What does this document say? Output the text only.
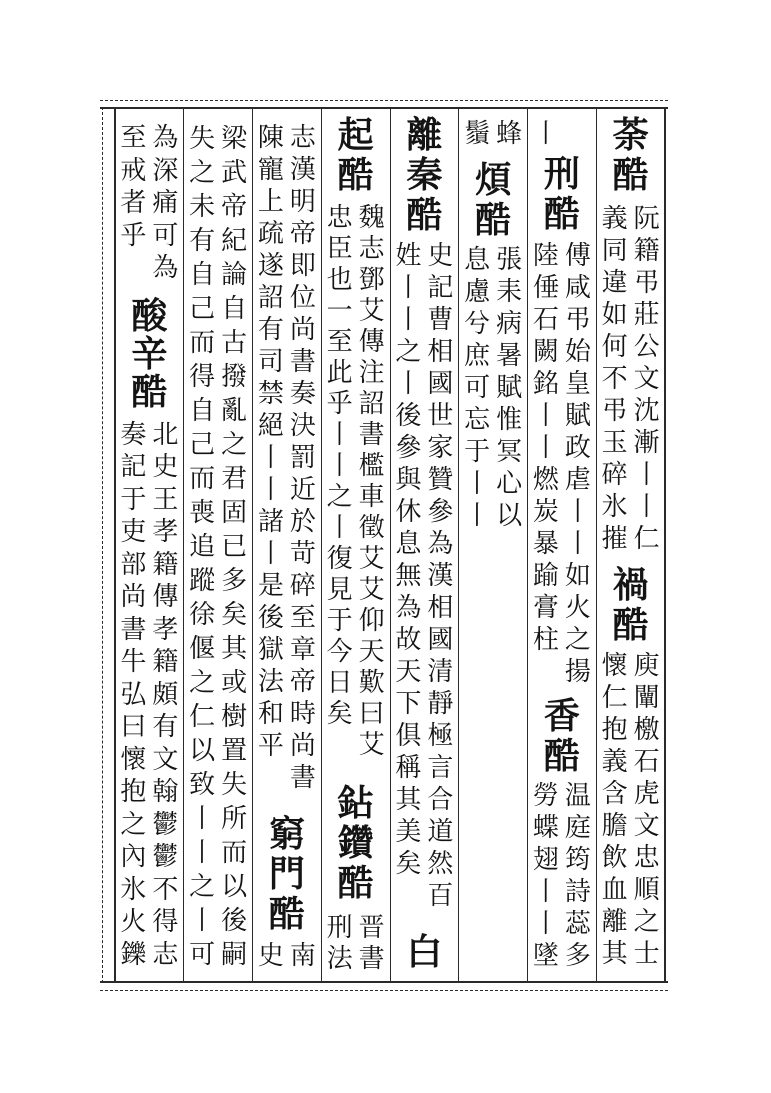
荼
酷
阮
籍
弔
莊
公
文
沈
漸
丨
丨
仁
義
同
違
如
何
不
弔
玉
碎
氷
摧
禍
酷
庾
闡
檄
石
虎
文
忠
順
之
士
懷
仁
抱
義
含
膽
飲
血
離
其
丨
刑
酷
傅
咸
弔
始
皇
賦
政
虐
丨
丨
如
火
之
揚
陸
倕
石
闕
銘
丨
丨
燃
炭
暴
踰
膏
柱
香
酷
温
庭
筠
詩
蕊
多
勞
蝶
翅
丨
丨
墜
蜂
鬚
煩
酷
張
耒
病
暑
賦
惟
冥
心
以
息
慮
兮
庶
可
忘
于
丨
丨
離
秦
酷
史
記
曹
相
國
世
家
贊
參
為
漢
相
國
清
靜
極
言
合
道
然
百
姓
丨
丨
之
丨
後
參
與
休
息
無
為
故
天
下
俱
稱
其
美
矣
白
起
酷
魏
志
鄧
艾
傳
注
詔
書
檻
車
徵
艾
艾
仰
天
歎
曰
艾
忠
臣
也
一
至
此
乎
丨
丨
之
丨
復
見
于
今
日
矣
鉆
鑽
酷
晋
書
刑
法
志
漢
明
帝
即
位
尚
書
奏
決
罰
近
於
苛
碎
至
章
帝
時
尚
書
陳
寵
上
疏
遂
詔
有
司
禁
絕
丨
丨
諸
丨
是
後
獄
法
和
平
窮
門
酷
南
史
梁
武
帝
紀
論
自
古
撥
亂
之
君
固
已
多
矣
其
或
樹
置
失
所
而
以
後
嗣
失
之
未
有
自
己
而
得
自
己
而
喪
追
蹤
徐
偃
之
仁
以
致
丨
丨
之
丨
可
為
深
痛
可
為
至
戒
者
乎
酸
辛
酷
北
史
王
孝
籍
傳
孝
籍
頗
有
文
翰
鬱
鬱
不
得
志
奏
記
于
吏
部
尚
書
牛
弘
曰
懷
抱
之
內
氷
火
鑠
